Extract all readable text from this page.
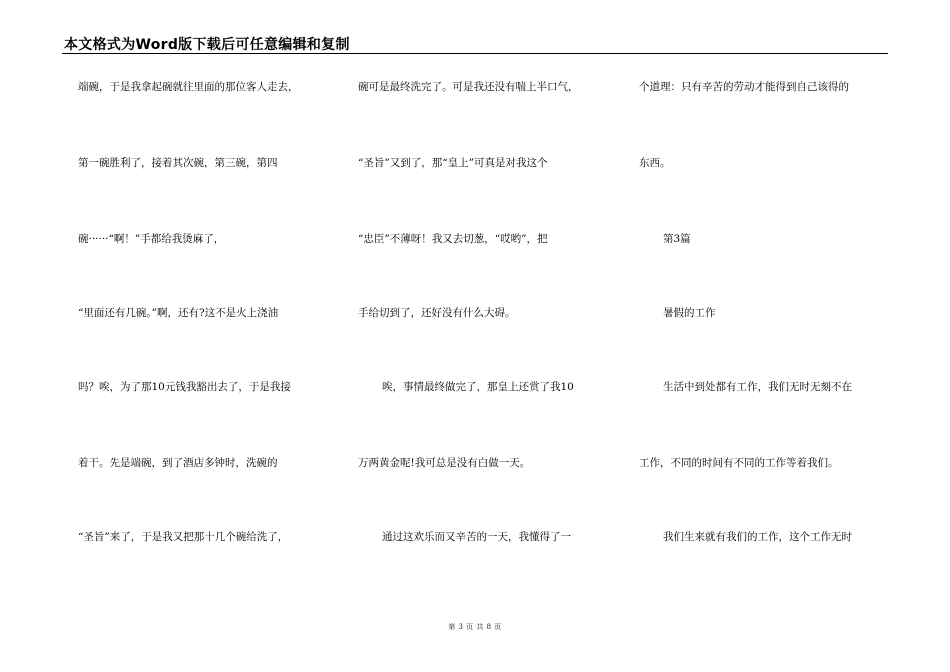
本文格式为Word版下载后可任意编辑和复制
端碗，于是我拿起碗就往里面的那位客人走去，
第一碗胜利了，接着其次碗，第三碗，第四
碗······“啊！”手都给我烫麻了，
“里面还有几碗。”啊，还有?这不是火上浇油
吗？唉，为了那10元钱我豁出去了，于是我接
着干。先是端碗，到了酒店多钟时，洗碗的
“圣旨”来了，于是我又把那十几个碗给洗了，
碗可是最终洗完了。可是我还没有喘上半口气，
“圣旨”又到了，那“皇上”可真是对我这个
“忠臣”不薄呀！我又去切葱，“哎哟”，把
手给切到了，还好没有什么大碍。
唉，事情最终做完了，那皇上还赏了我10
万两黄金呢!我可总是没有白做一天。
通过这欢乐而又辛苦的一天，我懂得了一
个道理：只有辛苦的劳动才能得到自己该得的
东西。
第3篇
暑假的工作
生活中到处都有工作，我们无时无刻不在
工作，不同的时间有不同的工作等着我们。
我们生来就有我们的工作，这个工作无时
第 3 页 共 8 页
